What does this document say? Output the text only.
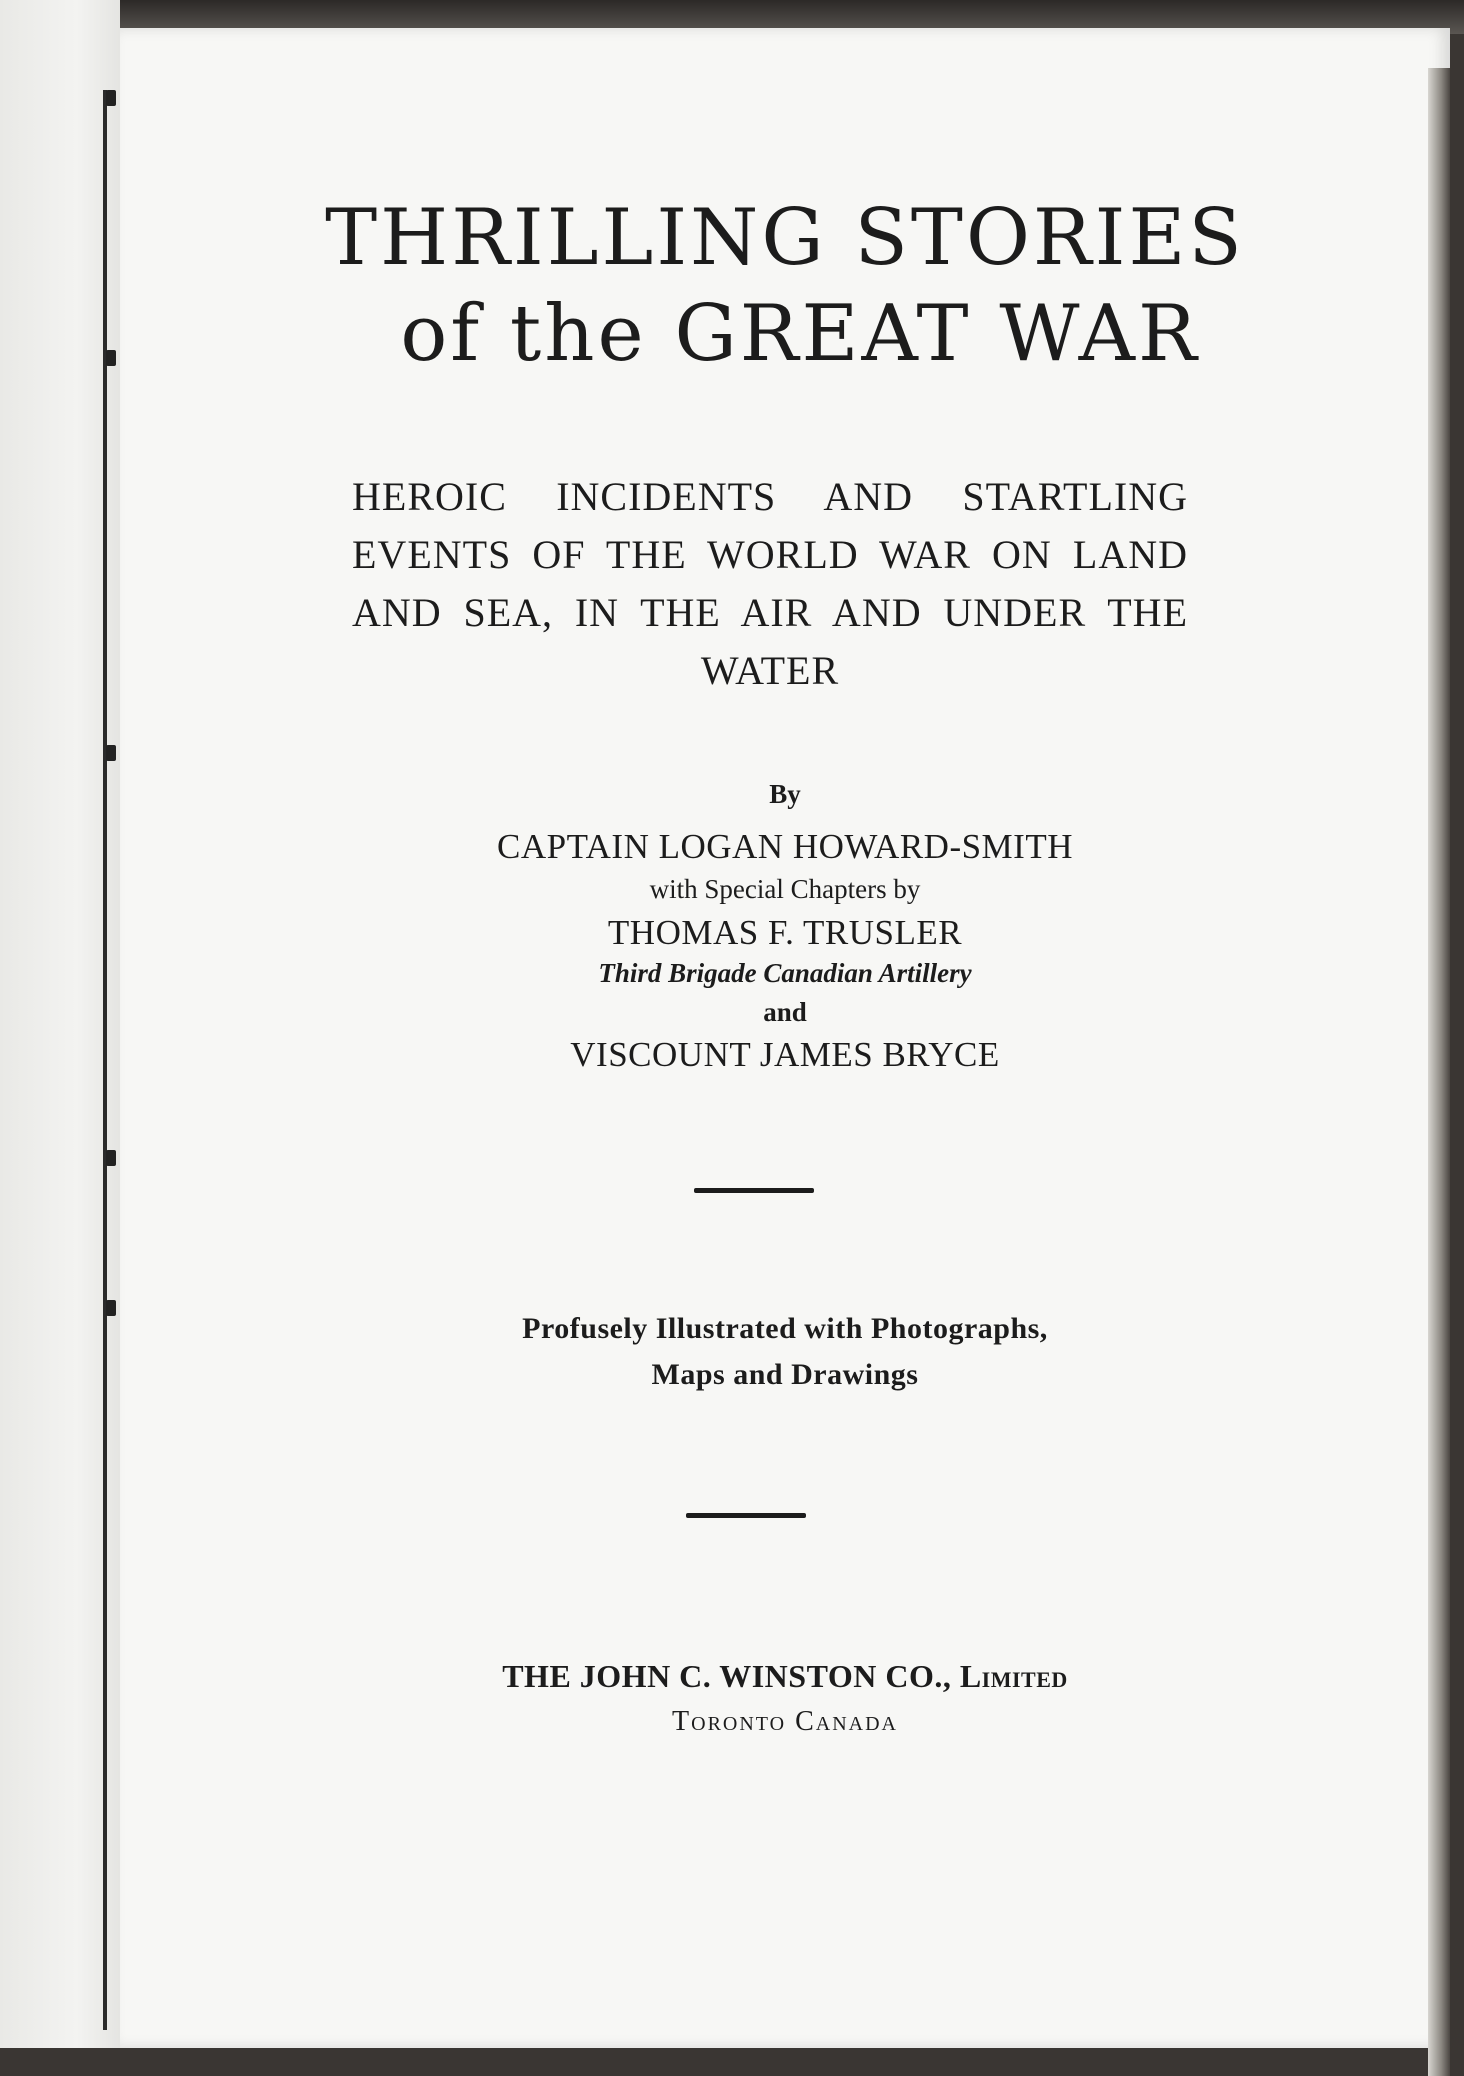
THRILLING STORIES
of the GREAT WAR
HEROIC INCIDENTS AND STARTLING EVENTS OF THE WORLD WAR ON LAND AND SEA, IN THE AIR AND UNDER THE WATER
By
CAPTAIN LOGAN HOWARD-SMITH
with Special Chapters by
THOMAS F. TRUSLER
Third Brigade Canadian Artillery
and
VISCOUNT JAMES BRYCE
Profusely Illustrated with Photographs,
Maps and Drawings
THE JOHN C. WINSTON CO., Limited
Toronto Canada
